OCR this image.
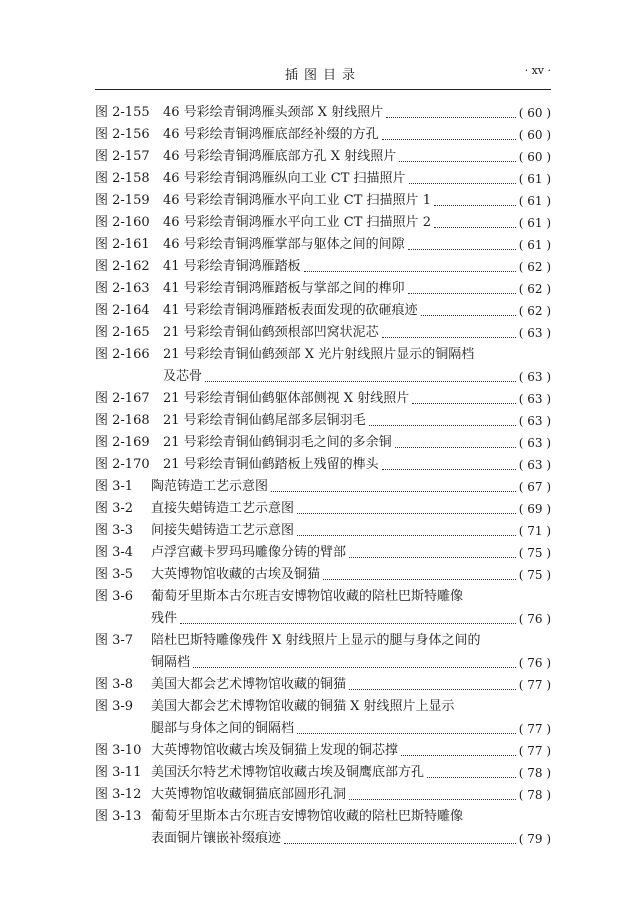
插图目录	· xv ·
图 2-155	46 号彩绘青铜鸿雁头颈部 X 射线照片	( 60 )
图 2-156	46 号彩绘青铜鸿雁底部经补缀的方孔	( 60 )
图 2-157	46 号彩绘青铜鸿雁底部方孔 X 射线照片	( 60 )
图 2-158	46 号彩绘青铜鸿雁纵向工业 CT 扫描照片	( 61 )
图 2-159	46 号彩绘青铜鸿雁水平向工业 CT 扫描照片 1	( 61 )
图 2-160	46 号彩绘青铜鸿雁水平向工业 CT 扫描照片 2	( 61 )
图 2-161	46 号彩绘青铜鸿雁掌部与躯体之间的间隙	( 61 )
图 2-162	41 号彩绘青铜鸿雁踏板	( 62 )
图 2-163	41 号彩绘青铜鸿雁踏板与掌部之间的榫卯	( 62 )
图 2-164	41 号彩绘青铜鸿雁踏板表面发现的砍砸痕迹	( 62 )
图 2-165	21 号彩绘青铜仙鹤颈根部凹窝状泥芯	( 63 )
图 2-166	21 号彩绘青铜仙鹤颈部 X 光片射线照片显示的铜隔档
及芯骨	( 63 )
图 2-167	21 号彩绘青铜仙鹤躯体部侧视 X 射线照片	( 63 )
图 2-168	21 号彩绘青铜仙鹤尾部多层铜羽毛	( 63 )
图 2-169	21 号彩绘青铜仙鹤铜羽毛之间的多余铜	( 63 )
图 2-170	21 号彩绘青铜仙鹤踏板上残留的榫头	( 63 )
图 3-1	陶范铸造工艺示意图	( 67 )
图 3-2	直接失蜡铸造工艺示意图	( 69 )
图 3-3	间接失蜡铸造工艺示意图	( 71 )
图 3-4	卢浮宫藏卡罗玛玛雕像分铸的臂部	( 75 )
图 3-5	大英博物馆收藏的古埃及铜猫	( 75 )
图 3-6	葡萄牙里斯本古尔班吉安博物馆收藏的陪杜巴斯特雕像
残件	( 76 )
图 3-7	陪杜巴斯特雕像残件 X 射线照片上显示的腿与身体之间的
铜隔档	( 76 )
图 3-8	美国大都会艺术博物馆收藏的铜猫	( 77 )
图 3-9	美国大都会艺术博物馆收藏的铜猫 X 射线照片上显示
腿部与身体之间的铜隔档	( 77 )
图 3-10 大英博物馆收藏古埃及铜猫上发现的铜芯撑	( 77 )
图 3-11 美国沃尔特艺术博物馆收藏古埃及铜鹰底部方孔	( 78 )
图 3-12 大英博物馆收藏铜猫底部圆形孔洞	( 78 )
图 3-13 葡萄牙里斯本古尔班吉安博物馆收藏的陪杜巴斯特雕像
表面铜片镶嵌补缀痕迹	( 79 )
